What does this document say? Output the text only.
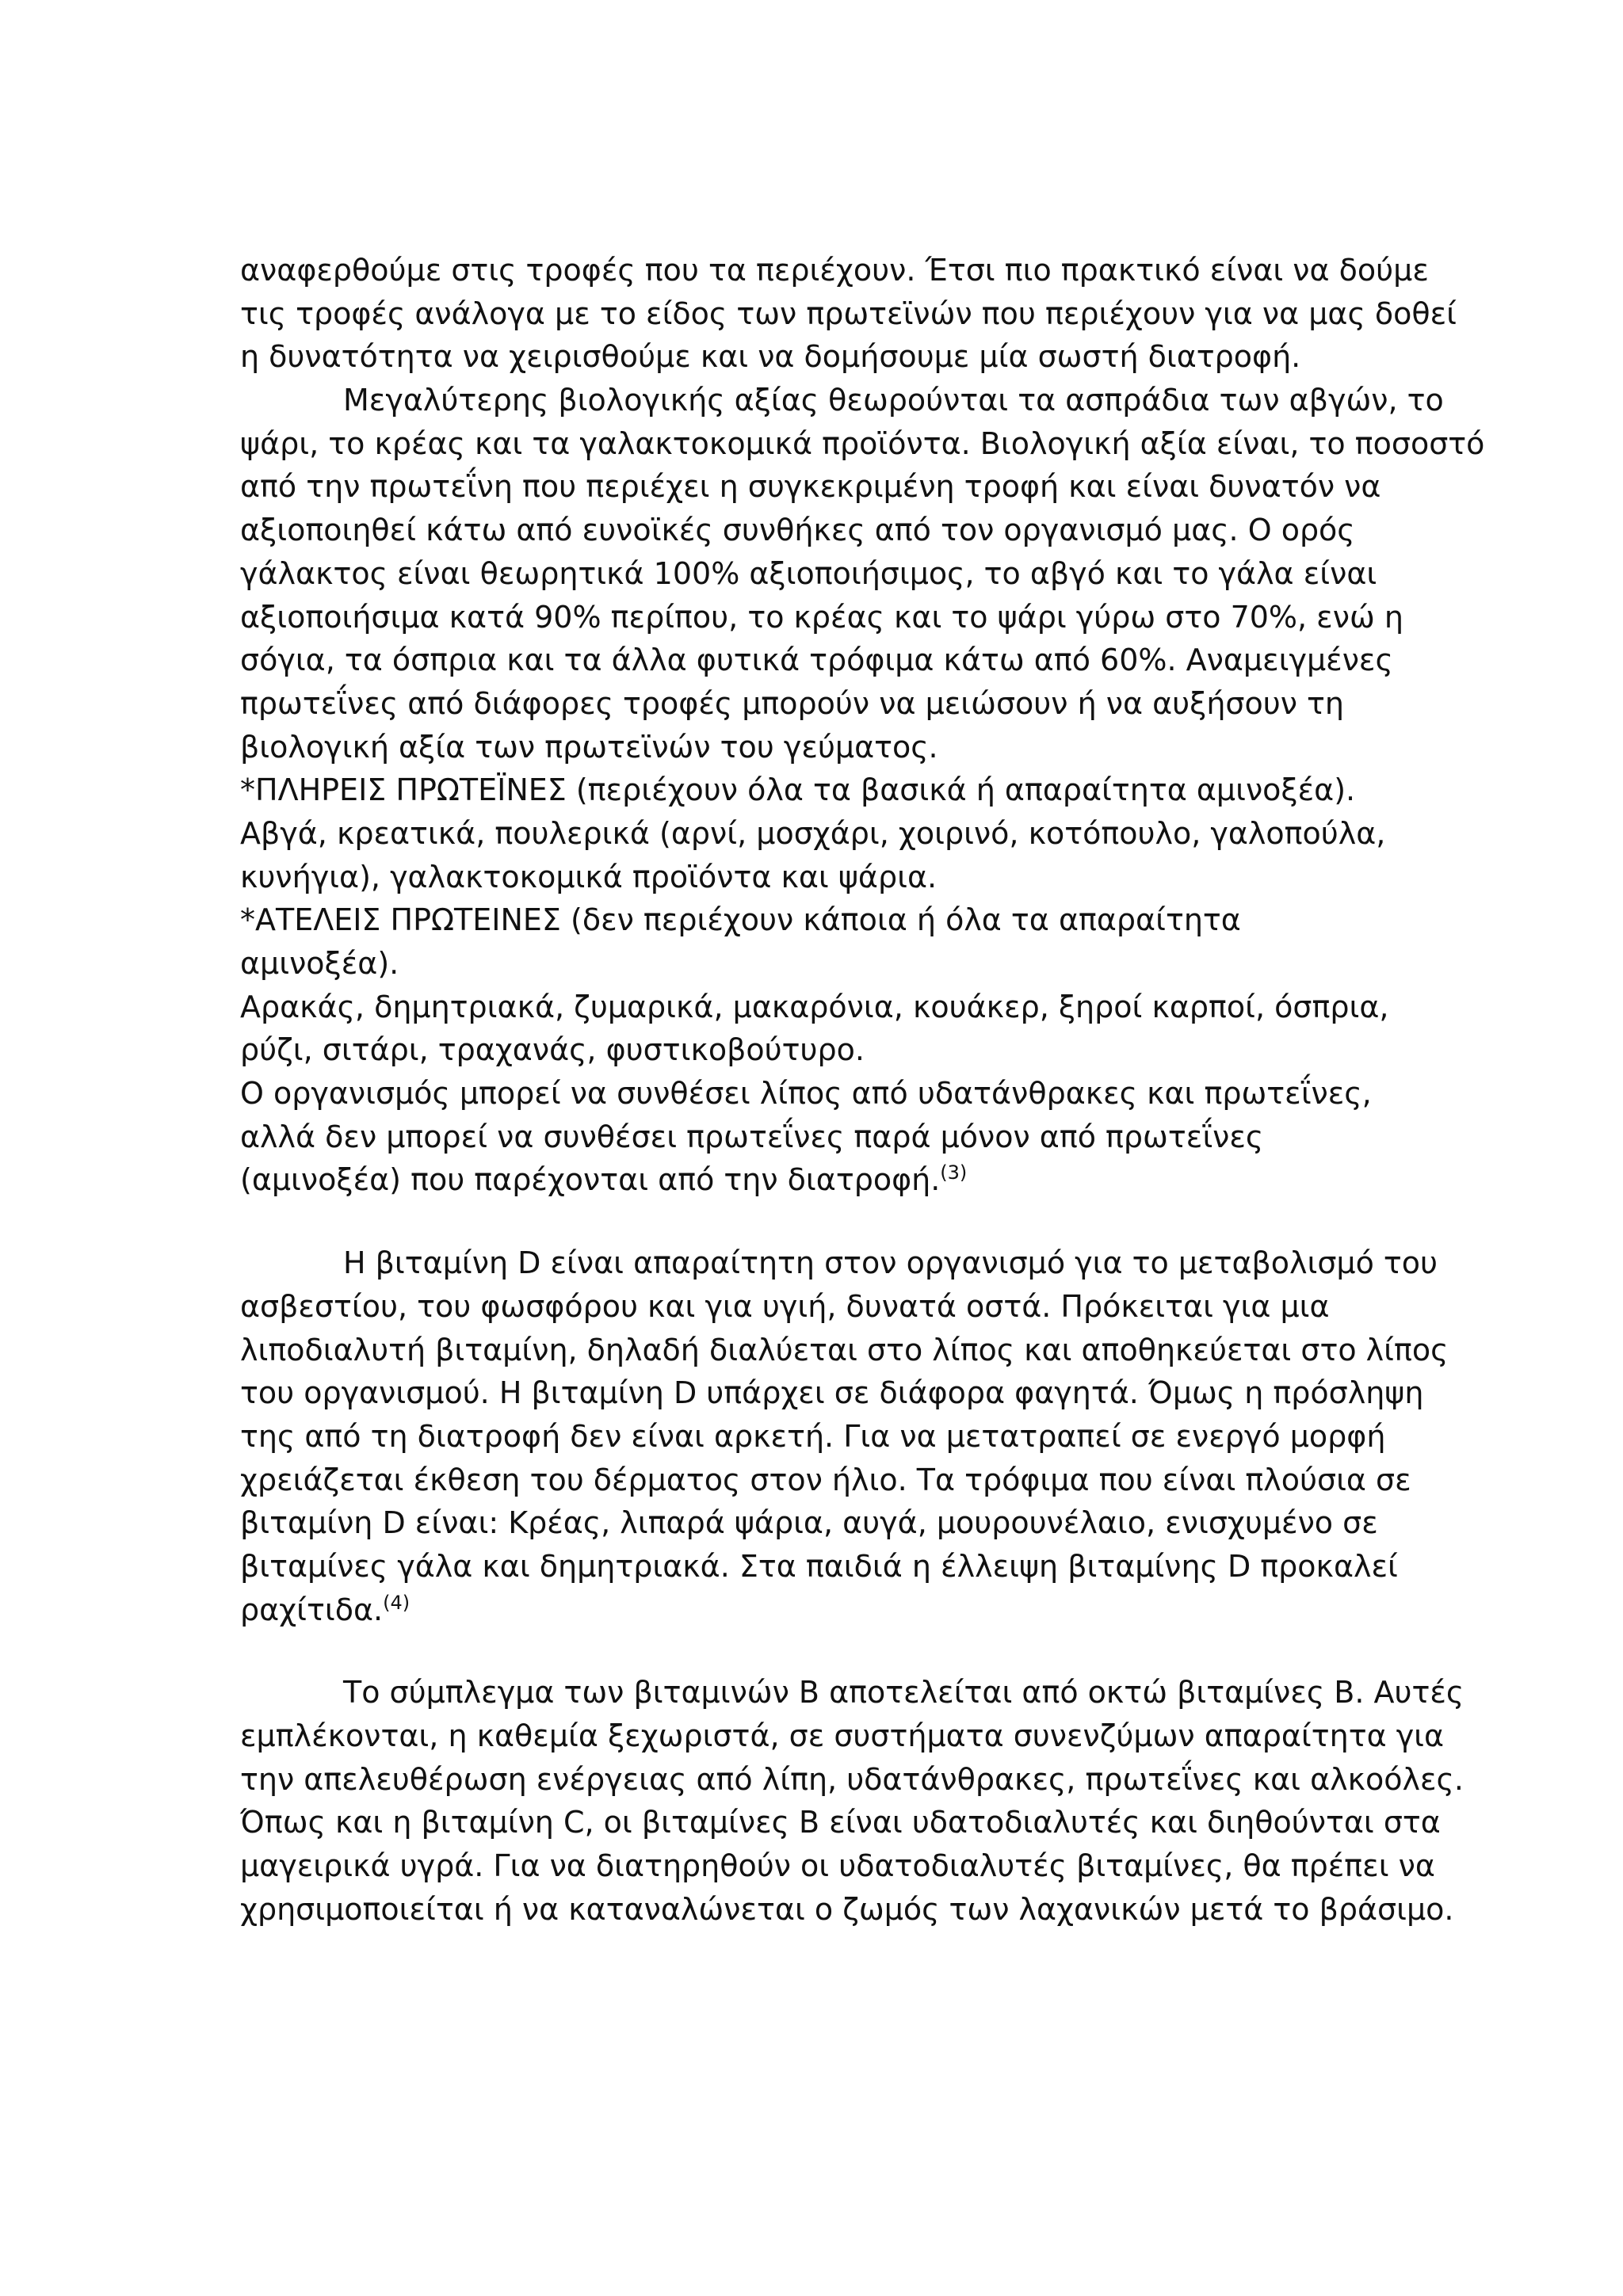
αναφερθούμε στις τροφές που τα περιέχουν. Έτσι πιο πρακτικό είναι να δούμε
τις τροφές ανάλογα με το είδος των πρωτεϊνών που περιέχουν για να μας δοθεί
η δυνατότητα να χειρισθούμε και να δομήσουμε μία σωστή διατροφή.
Μεγαλύτερης βιολογικής αξίας θεωρούνται τα ασπράδια των αβγών, το
ψάρι, το κρέας και τα γαλακτοκομικά προϊόντα. Βιολογική αξία είναι, το ποσοστό
από την πρωτεΐνη που περιέχει η συγκεκριμένη τροφή και είναι δυνατόν να
αξιοποιηθεί κάτω από ευνοϊκές συνθήκες από τον οργανισμό μας. Ο ορός
γάλακτος είναι θεωρητικά 100% αξιοποιήσιμος, το αβγό και το γάλα είναι
αξιοποιήσιμα κατά 90% περίπου, το κρέας και το ψάρι γύρω στο 70%, ενώ η
σόγια, τα όσπρια και τα άλλα φυτικά τρόφιμα κάτω από 60%. Αναμειγμένες
πρωτεΐνες από διάφορες τροφές μπορούν να μειώσουν ή να αυξήσουν τη
βιολογική αξία των πρωτεϊνών του γεύματος.
*ΠΛΗΡΕΙΣ ΠΡΩΤΕΪΝΕΣ (περιέχουν όλα τα βασικά ή απαραίτητα αμινοξέα).
Αβγά, κρεατικά, πουλερικά (αρνί, μοσχάρι, χοιρινό, κοτόπουλο, γαλοπούλα,
κυνήγια), γαλακτοκομικά προϊόντα και ψάρια.
*ΑΤΕΛΕΙΣ ΠΡΩΤΕΙΝΕΣ (δεν περιέχουν κάποια ή όλα τα απαραίτητα
αμινοξέα).
Αρακάς, δημητριακά, ζυμαρικά, μακαρόνια, κουάκερ, ξηροί καρποί, όσπρια,
ρύζι, σιτάρι, τραχανάς, φυστικοβούτυρο.
Ο οργανισμός μπορεί να συνθέσει λίπος από υδατάνθρακες και πρωτεΐνες,
αλλά δεν μπορεί να συνθέσει πρωτεΐνες παρά μόνον από πρωτεΐνες
(αμινοξέα) που παρέχονται από την διατροφή.$^{(3)}$
Η βιταμίνη D είναι απαραίτητη στον οργανισμό για το μεταβολισμό του
ασβεστίου, του φωσφόρου και για υγιή, δυνατά οστά. Πρόκειται για μια
λιποδιαλυτή βιταμίνη, δηλαδή διαλύεται στο λίπος και αποθηκεύεται στο λίπος
του οργανισμού. Η βιταμίνη D υπάρχει σε διάφορα φαγητά. Όμως η πρόσληψη
της από τη διατροφή δεν είναι αρκετή. Για να μετατραπεί σε ενεργό μορφή
χρειάζεται έκθεση του δέρματος στον ήλιο. Τα τρόφιμα που είναι πλούσια σε
βιταμίνη D είναι: Κρέας, λιπαρά ψάρια, αυγά, μουρουνέλαιο, ενισχυμένο σε
βιταμίνες γάλα και δημητριακά. Στα παιδιά η έλλειψη βιταμίνης D προκαλεί
ραχίτιδα.$^{(4)}$
Το σύμπλεγμα των βιταμινών Β αποτελείται από οκτώ βιταμίνες Β. Αυτές
εμπλέκονται, η καθεμία ξεχωριστά, σε συστήματα συνενζύμων απαραίτητα για
την απελευθέρωση ενέργειας από λίπη, υδατάνθρακες, πρωτεΐνες και αλκοόλες.
Όπως και η βιταμίνη C, οι βιταμίνες Β είναι υδατοδιαλυτές και διηθούνται στα
μαγειρικά υγρά. Για να διατηρηθούν οι υδατοδιαλυτές βιταμίνες, θα πρέπει να
χρησιμοποιείται ή να καταναλώνεται ο ζωμός των λαχανικών μετά το βράσιμο.
